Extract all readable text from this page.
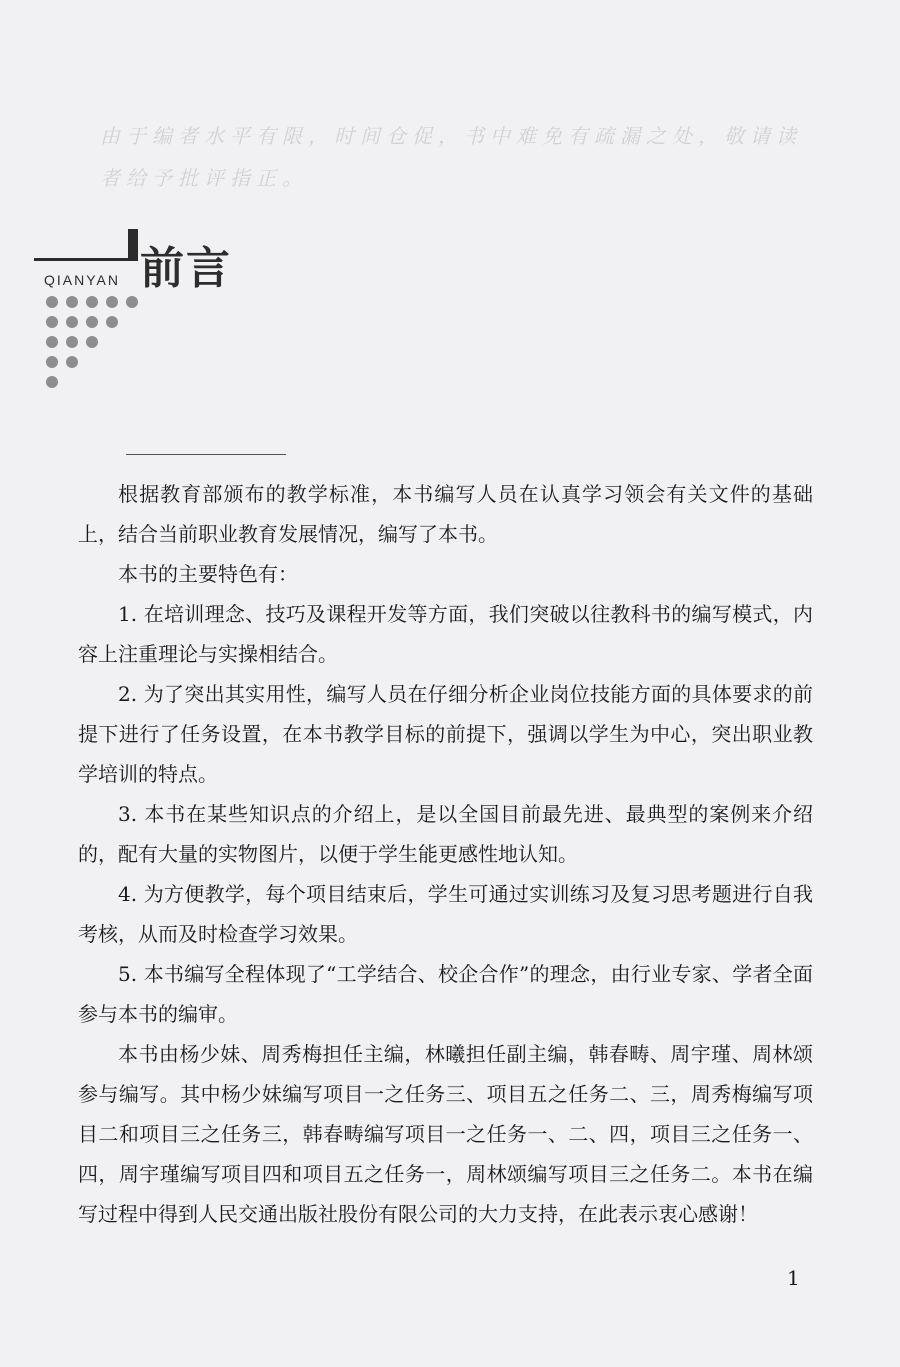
由于编者水平有限，时间仓促，书中难免有疏漏之处，敬请读
者给予批评指正。
前言
QIANYAN

根据教育部颁布的教学标准，本书编写人员在认真学习领会有关文件的基础上，结合当前职业教育发展情况，编写了本书。

本书的主要特色有：

1. 在培训理念、技巧及课程开发等方面，我们突破以往教科书的编写模式，内容上注重理论与实操相结合。

2. 为了突出其实用性，编写人员在仔细分析企业岗位技能方面的具体要求的前提下进行了任务设置，在本书教学目标的前提下，强调以学生为中心，突出职业教学培训的特点。

3. 本书在某些知识点的介绍上，是以全国目前最先进、最典型的案例来介绍的，配有大量的实物图片，以便于学生能更感性地认知。

4. 为方便教学，每个项目结束后，学生可通过实训练习及复习思考题进行自我考核，从而及时检查学习效果。

5. 本书编写全程体现了“工学结合、校企合作”的理念，由行业专家、学者全面参与本书的编审。

本书由杨少妹、周秀梅担任主编，林曦担任副主编，韩春畴、周宇瑾、周林颂参与编写。其中杨少妹编写项目一之任务三、项目五之任务二、三，周秀梅编写项目二和项目三之任务三，韩春畴编写项目一之任务一、二、四，项目三之任务一、四，周宇瑾编写项目四和项目五之任务一，周林颂编写项目三之任务二。本书在编写过程中得到人民交通出版社股份有限公司的大力支持，在此表示衷心感谢！

1
